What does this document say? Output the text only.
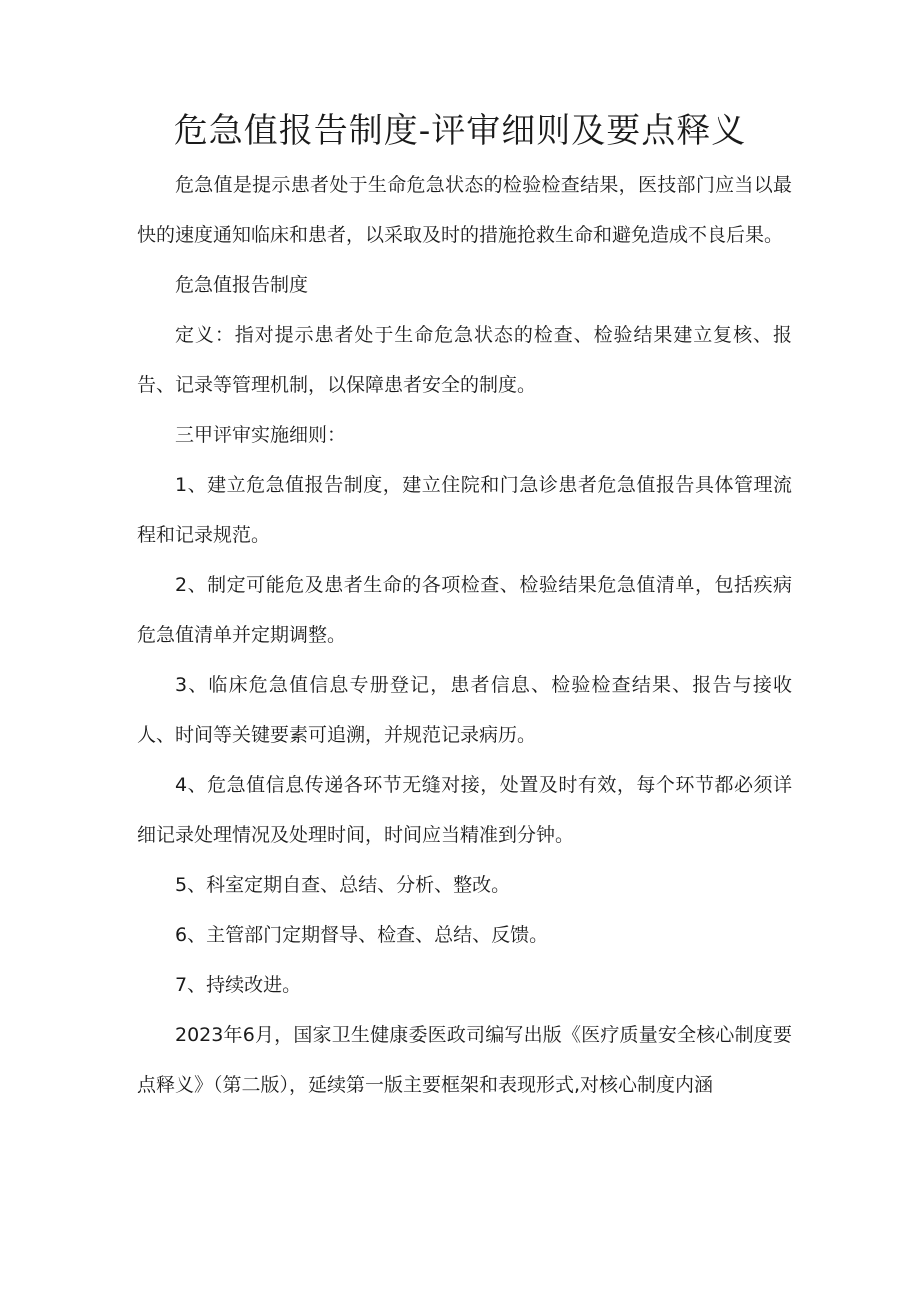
危急值报告制度-评审细则及要点释义

危急值是提示患者处于生命危急状态的检验检查结果，医技部门应当以最快的速度通知临床和患者，以采取及时的措施抢救生命和避免造成不良后果。

危急值报告制度

定义：指对提示患者处于生命危急状态的检查、检验结果建立复核、报告、记录等管理机制，以保障患者安全的制度。

三甲评审实施细则：

1、建立危急值报告制度，建立住院和门急诊患者危急值报告具体管理流程和记录规范。

2、制定可能危及患者生命的各项检查、检验结果危急值清单，包括疾病危急值清单并定期调整。

3、临床危急值信息专册登记，患者信息、检验检查结果、报告与接收人、时间等关键要素可追溯，并规范记录病历。

4、危急值信息传递各环节无缝对接，处置及时有效，每个环节都必须详细记录处理情况及处理时间，时间应当精准到分钟。

5、科室定期自查、总结、分析、整改。

6、主管部门定期督导、检查、总结、反馈。

7、持续改进。

2023年6月，国家卫生健康委医政司编写出版《医疗质量安全核心制度要点释义》（第二版），延续第一版主要框架和表现形式,对核心制度内涵
